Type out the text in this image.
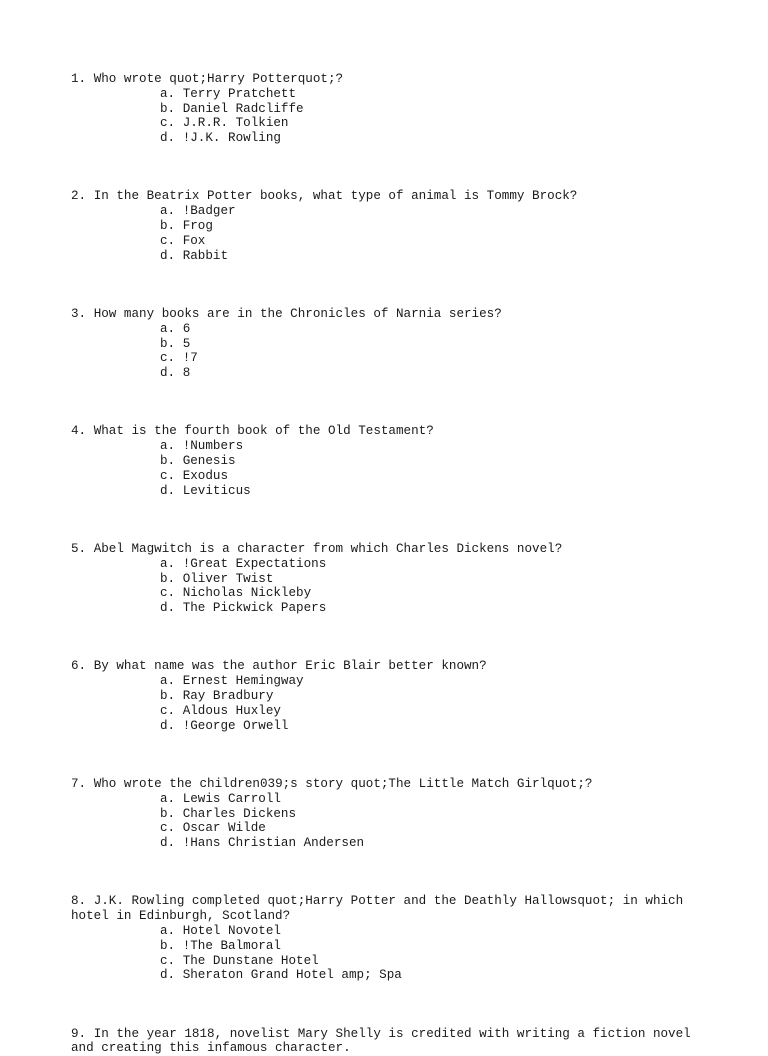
1. Who wrote quot;Harry Potterquot;?
a. Terry Pratchett
b. Daniel Radcliffe
c. J.R.R. Tolkien
d. !J.K. Rowling
2. In the Beatrix Potter books, what type of animal is Tommy Brock?
a. !Badger
b. Frog
c. Fox
d. Rabbit
3. How many books are in the Chronicles of Narnia series?
a. 6
b. 5
c. !7
d. 8
4. What is the fourth book of the Old Testament?
a. !Numbers
b. Genesis
c. Exodus
d. Leviticus
5. Abel Magwitch is a character from which Charles Dickens novel?
a. !Great Expectations
b. Oliver Twist
c. Nicholas Nickleby
d. The Pickwick Papers
6. By what name was the author Eric Blair better known?
a. Ernest Hemingway
b. Ray Bradbury
c. Aldous Huxley
d. !George Orwell
7. Who wrote the children039;s story quot;The Little Match Girlquot;?
a. Lewis Carroll
b. Charles Dickens
c. Oscar Wilde
d. !Hans Christian Andersen
8. J.K. Rowling completed quot;Harry Potter and the Deathly Hallowsquot; in which hotel in Edinburgh, Scotland?
a. Hotel Novotel
b. !The Balmoral
c. The Dunstane Hotel
d. Sheraton Grand Hotel amp; Spa
9. In the year 1818, novelist Mary Shelly is credited with writing a fiction novel and creating this infamous character.
